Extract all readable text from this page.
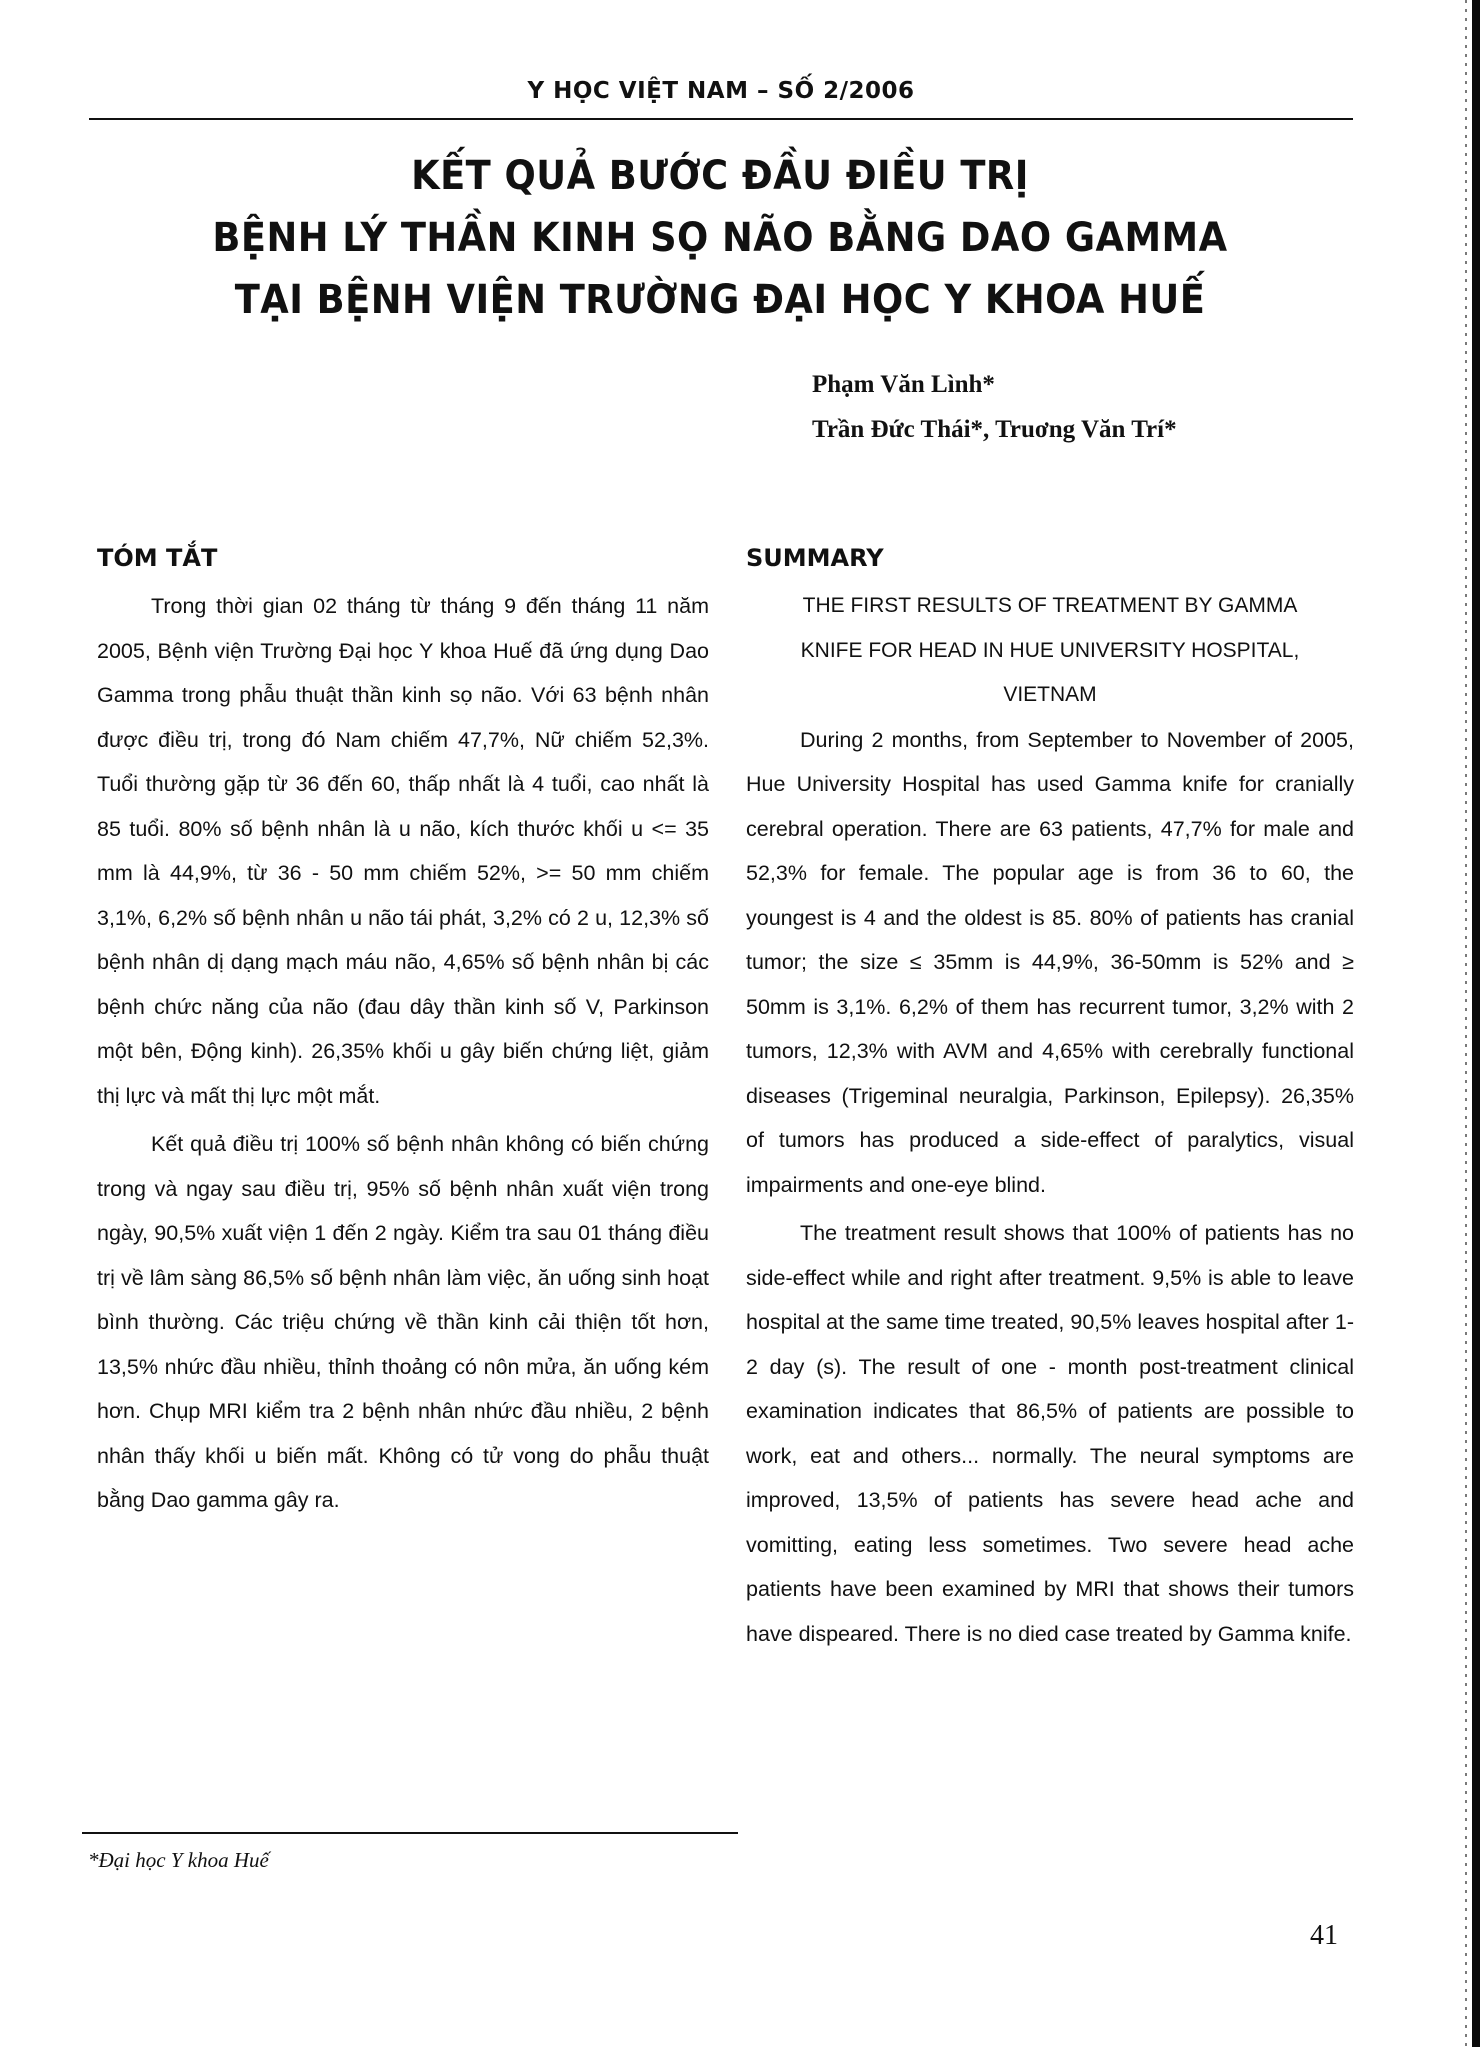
Y HỌC VIỆT NAM – SỐ 2/2006
KẾT QUẢ BƯỚC ĐẦU ĐIỀU TRỊ
BỆNH LÝ THẦN KINH SỌ NÃO BẰNG DAO GAMMA
TẠI BỆNH VIỆN TRƯỜNG ĐẠI HỌC Y KHOA HUẾ
Phạm Văn Lình*
Trần Đức Thái*, Truơng Văn Trí*
TÓM TẮT

Trong thời gian 02 tháng từ tháng 9 đến tháng 11 năm 2005, Bệnh viện Trường Đại học Y khoa Huế đã ứng dụng Dao Gamma trong phẫu thuật thần kinh sọ não. Với 63 bệnh nhân được điều trị, trong đó Nam chiếm 47,7%, Nữ chiếm 52,3%. Tuổi thường gặp từ 36 đến 60, thấp nhất là 4 tuổi, cao nhất là 85 tuổi. 80% số bệnh nhân là u não, kích thước khối u <= 35 mm là 44,9%, từ 36 - 50 mm chiếm 52%, >= 50 mm chiếm 3,1%, 6,2% số bệnh nhân u não tái phát, 3,2% có 2 u, 12,3% số bệnh nhân dị dạng mạch máu não, 4,65% số bệnh nhân bị các bệnh chức năng của não (đau dây thần kinh số V, Parkinson một bên, Động kinh). 26,35% khối u gây biến chứng liệt, giảm thị lực và mất thị lực một mắt.

Kết quả điều trị 100% số bệnh nhân không có biến chứng trong và ngay sau điều trị, 95% số bệnh nhân xuất viện trong ngày, 90,5% xuất viện 1 đến 2 ngày. Kiểm tra sau 01 tháng điều trị về lâm sàng 86,5% số bệnh nhân làm việc, ăn uống sinh hoạt bình thường. Các triệu chứng về thần kinh cải thiện tốt hơn, 13,5% nhức đầu nhiều, thỉnh thoảng có nôn mửa, ăn uống kém hơn. Chụp MRI kiểm tra 2 bệnh nhân nhức đầu nhiều, 2 bệnh nhân thấy khối u biến mất. Không có tử vong do phẫu thuật bằng Dao gamma gây ra.

SUMMARY

THE FIRST RESULTS OF TREATMENT BY GAMMA

KNIFE FOR HEAD IN HUE UNIVERSITY HOSPITAL,

VIETNAM

During 2 months, from September to November of 2005, Hue University Hospital has used Gamma knife for cranially cerebral operation. There are 63 patients, 47,7% for male and 52,3% for female. The popular age is from 36 to 60, the youngest is 4 and the oldest is 85. 80% of patients has cranial tumor; the size ≤ 35mm is 44,9%, 36-50mm is 52% and ≥ 50mm is 3,1%. 6,2% of them has recurrent tumor, 3,2% with 2 tumors, 12,3% with AVM and 4,65% with cerebrally functional diseases (Trigeminal neuralgia, Parkinson, Epilepsy). 26,35% of tumors has produced a side-effect of paralytics, visual impairments and one-eye blind.

The treatment result shows that 100% of patients has no side-effect while and right after treatment. 9,5% is able to leave hospital at the same time treated, 90,5% leaves hospital after 1-2 day (s). The result of one - month post-treatment clinical examination indicates that 86,5% of patients are possible to work, eat and others... normally. The neural symptoms are improved, 13,5% of patients has severe head ache and vomitting, eating less sometimes. Two severe head ache patients have been examined by MRI that shows their tumors have dispeared. There is no died case treated by Gamma knife.

*Đại học Y khoa Huế
41
